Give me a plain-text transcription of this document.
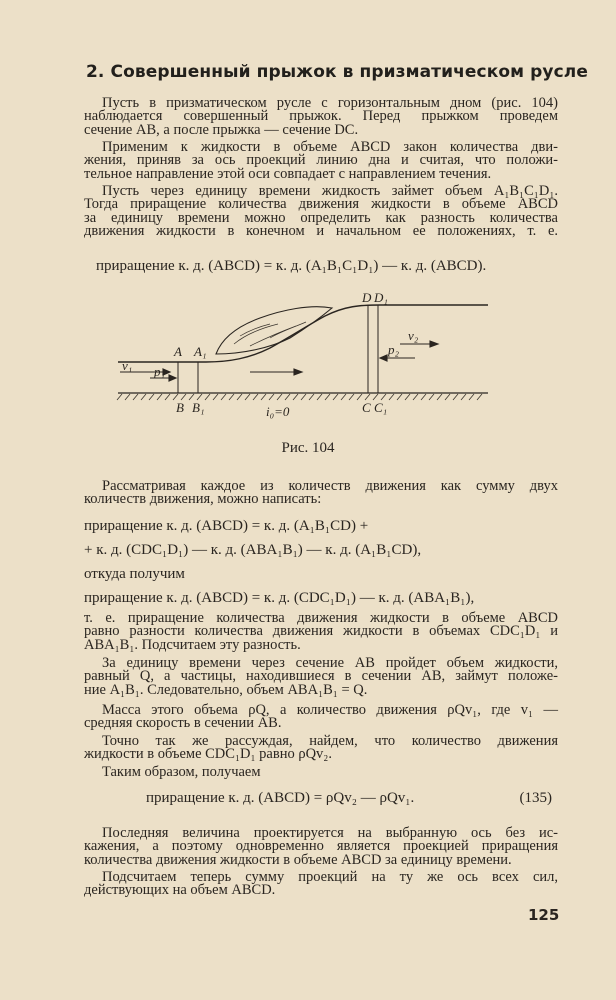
2. Совершенный прыжок в призматическом русле
Пусть в призматическом русле с горизонтальным дном (рис. 104)
наблюдается совершенный прыжок. Перед прыжком проведем
сечение AB, а после прыжка — сечение DC.
Применим к жидкости в объеме ABCD закон количества дви-
жения, приняв за ось проекций линию дна и считая, что положи-
тельное направление этой оси совпадает с направлением течения.
Пусть через единицу времени жидкость займет объем A₁B₁C₁D₁.
Тогда приращение количества движения жидкости в объеме ABCD
за единицу времени можно определить как разность количества
движения жидкости в конечном и начальном ее положениях, т. е.
приращение к. д. (ABCD) = к. д. (A₁B₁C₁D₁) — к. д. (ABCD).
D D₁
A A₁
v₁ p₁
v₂
p₂
B B₁	i₀=0	C C₁
Рис. 104
Рассматривая каждое из количеств движения как сумму двух
количеств движения, можно написать:
приращение к. д. (ABCD) = к. д. (A₁B₁CD) +
+ к. д. (CDC₁D₁) — к. д. (ABA₁B₁) — к. д. (A₁B₁CD),
откуда получим
приращение к. д. (ABCD) = к. д. (CDC₁D₁) — к. д. (ABA₁B₁),
т. е. приращение количества движения жидкости в объеме ABCD
равно разности количества движения жидкости в объемах CDC₁D₁ и
ABA₁B₁. Подсчитаем эту разность.
За единицу времени через сечение AB пройдет объем жидкости,
равный Q, а частицы, находившиеся в сечении AB, займут положе-
ние A₁B₁. Следовательно, объем ABA₁B₁ = Q.
Масса этого объема ρQ, а количество движения ρQv₁, где v₁ —
средняя скорость в сечении AB.
Точно так же рассуждая, найдем, что количество движения
жидкости в объеме CDC₁D₁ равно ρQv₂.
Таким образом, получаем
приращение к. д. (ABCD) = ρQv₂ — ρQv₁.	(135)
Последняя величина проектируется на выбранную ось без ис-
кажения, а поэтому одновременно является проекцией приращения
количества движения жидкости в объеме ABCD за единицу времени.
Подсчитаем теперь сумму проекций на ту же ось всех сил,
действующих на объем ABCD.
125
